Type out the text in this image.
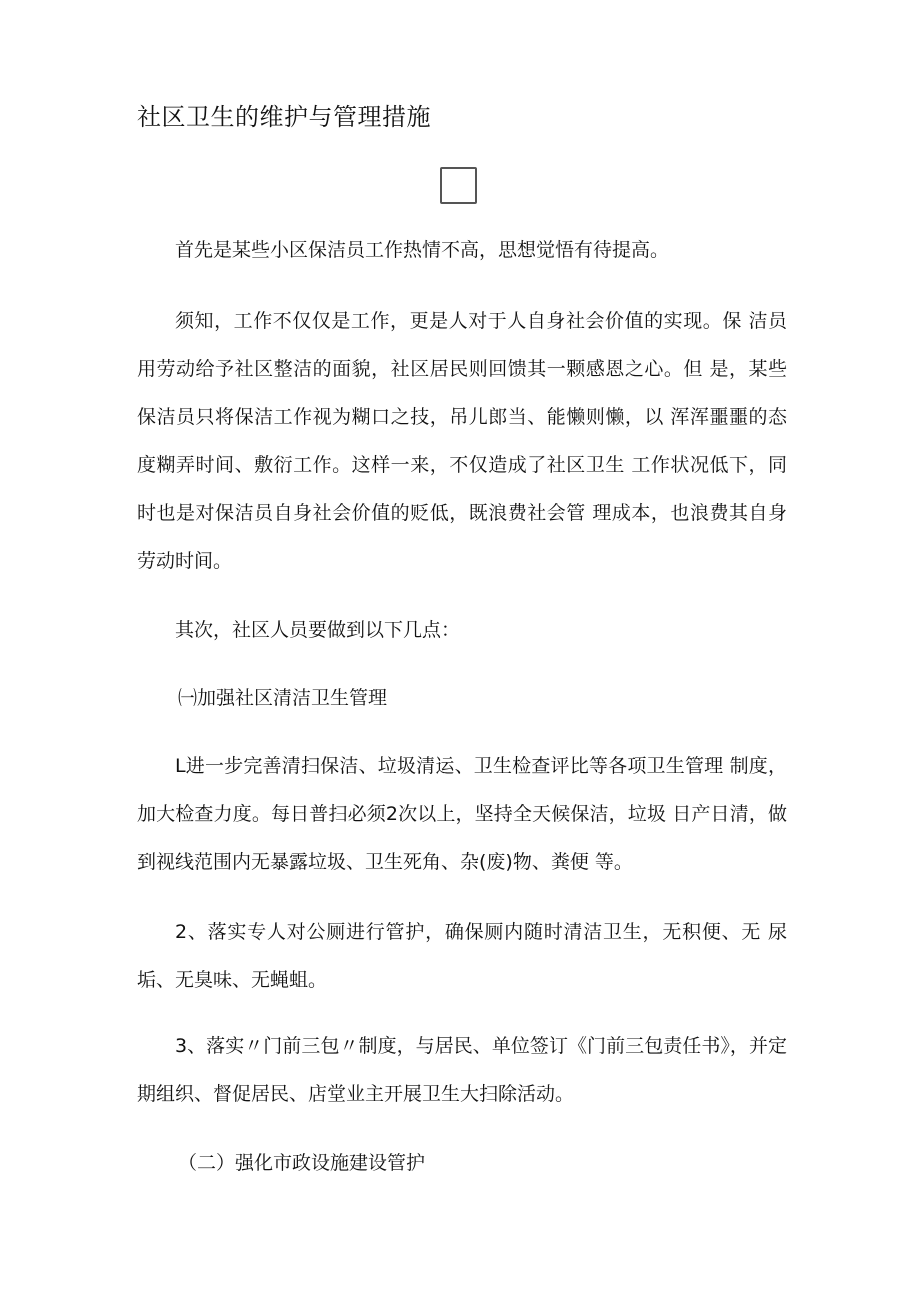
社区卫生的维护与管理措施

首先是某些小区保洁员工作热情不高，思想觉悟有待提高。

须知，工作不仅仅是工作，更是人对于人自身社会价值的实现。保 洁员用劳动给予社区整洁的面貌，社区居民则回馈其一颗感恩之心。但 是，某些保洁员只将保洁工作视为糊口之技，吊儿郎当、能懒则懒，以 浑浑噩噩的态度糊弄时间、敷衍工作。这样一来，不仅造成了社区卫生 工作状况低下，同时也是对保洁员自身社会价值的贬低，既浪费社会管 理成本，也浪费其自身劳动时间。

其次，社区人员要做到以下几点：

㈠加强社区清洁卫生管理

L进一步完善清扫保洁、垃圾清运、卫生检查评比等各项卫生管理 制度，加大检查力度。每日普扫必须2次以上，坚持全天候保洁，垃圾 日产日清，做到视线范围内无暴露垃圾、卫生死角、杂(废)物、粪便 等。

2、落实专人对公厕进行管护，确保厕内随时清洁卫生，无积便、无 尿垢、无臭味、无蝇蛆。

3、落实〃门前三包〃制度，与居民、单位签订《门前三包责任书》，并定期组织、督促居民、店堂业主开展卫生大扫除活动。

（二）强化市政设施建设管护
